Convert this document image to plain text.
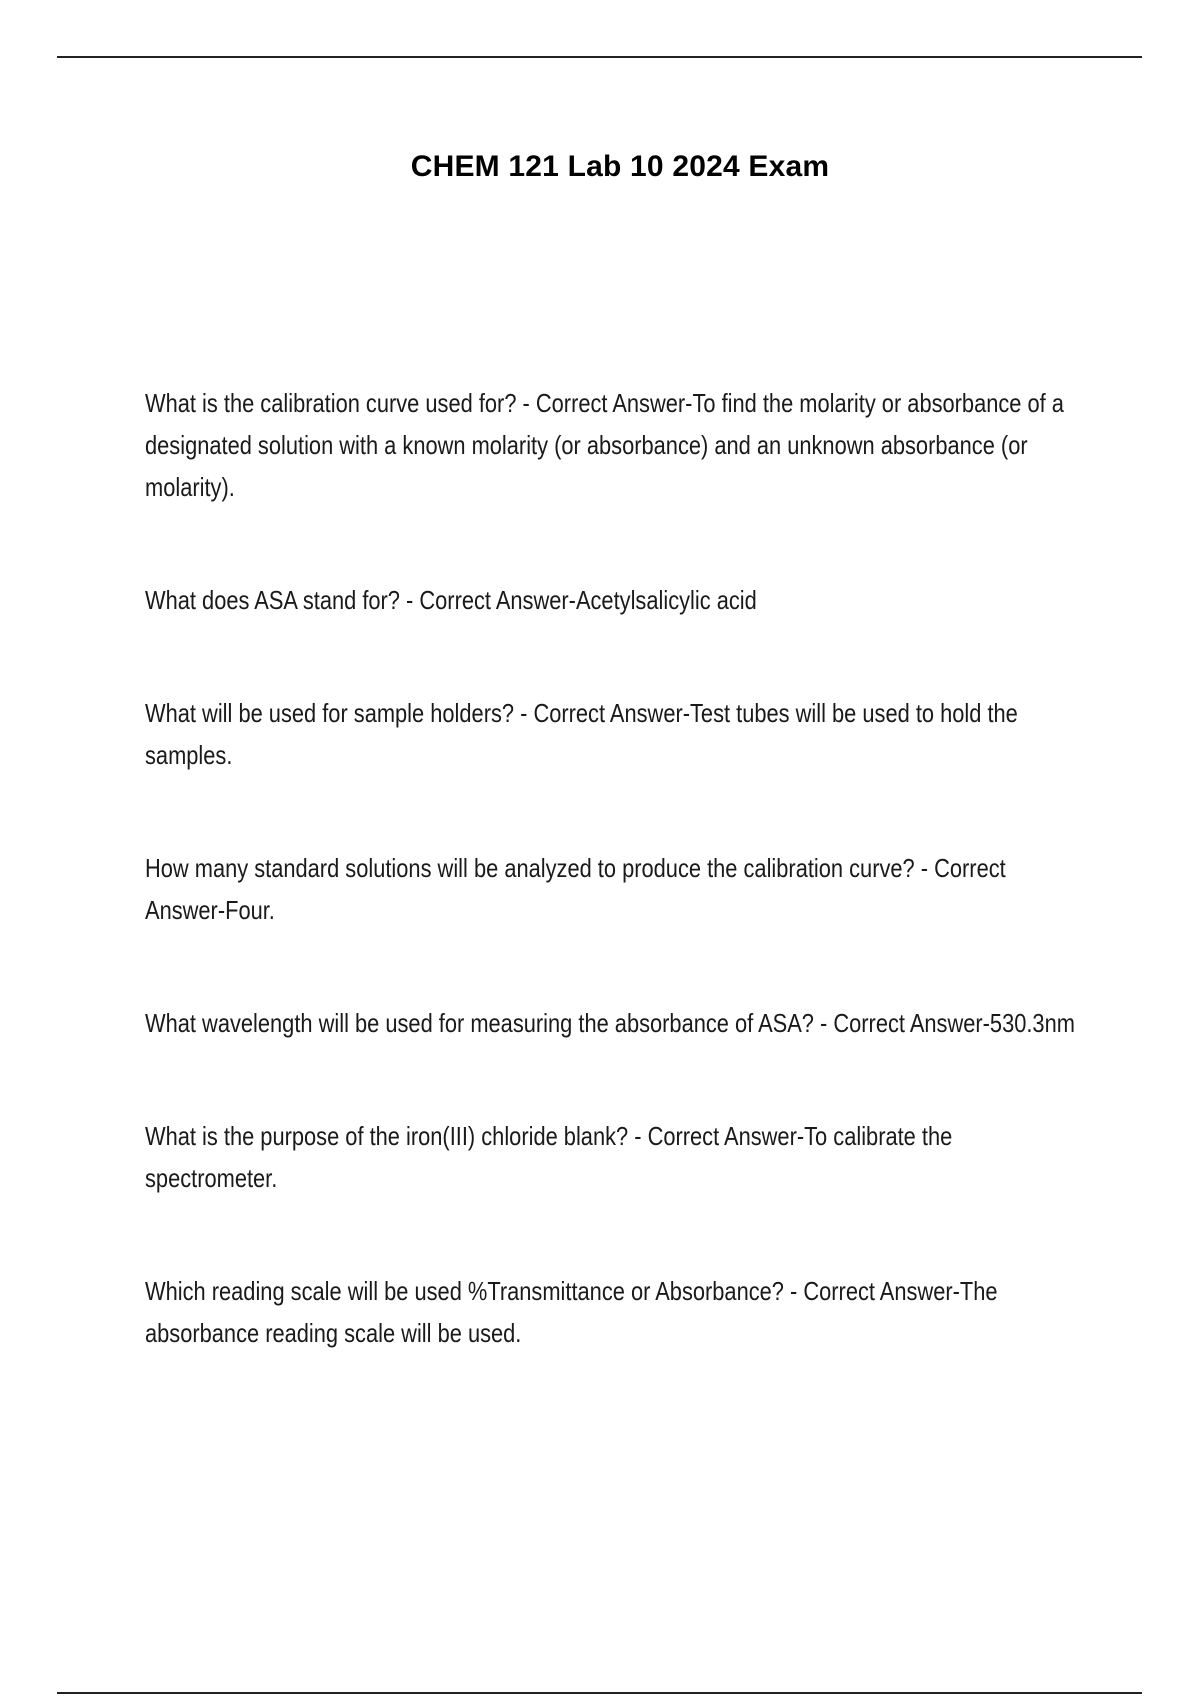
CHEM 121 Lab 10 2024 Exam
What is the calibration curve used for? - Correct Answer-To find the molarity or absorbance of a designated solution with a known molarity (or absorbance) and an unknown absorbance (or molarity).
What does ASA stand for? - Correct Answer-Acetylsalicylic acid
What will be used for sample holders? - Correct Answer-Test tubes will be used to hold the samples.
How many standard solutions will be analyzed to produce the calibration curve? - Correct Answer-Four.
What wavelength will be used for measuring the absorbance of ASA? - Correct Answer-530.3nm
What is the purpose of the iron(III) chloride blank? - Correct Answer-To calibrate the spectrometer.
Which reading scale will be used %Transmittance or Absorbance? - Correct Answer-The absorbance reading scale will be used.
